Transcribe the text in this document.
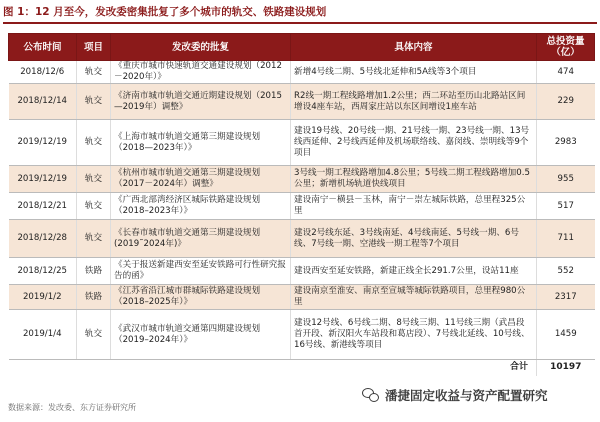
图 1：12 月至今，发改委密集批复了多个城市的轨交、铁路建设规划
公布时间	项目	发改委的批复	具体内容	总投资量（亿）
2018/12/6	轨交	《重庆市城市快速轨道交通建设规划（2012－2020年）》	新增4号线二期、5号线北延伸和5A线等3个项目	474
2018/12/14	轨交	《济南市城市轨道交通近期建设规划（2015—2019年）调整》	R2线一期工程线路增加1.2公里；西二环站至历山北路站区间增设4座车站，西周家庄站以东区间增设1座车站	229
2019/12/19	轨交	《上海市城市轨道交通第三期建设规划（2018—2023年）》	建设19号线、20号线一期、21号线一期、23号线一期、13号线西延伸、2号线西延伸及机场联络线、嘉闵线、崇明线等9个项目	2983
2019/12/19	轨交	《杭州市城市轨道交通第三期建设规划（2017－2024年）调整》	3号线一期工程线路增加4.8公里；5号线二期工程线路增加0.5公里；新增机场轨道快线项目	955
2018/12/21	轨交	《广西北部湾经济区城际铁路建设规划（2018–2023年）》	建设南宁－横县－玉林，南宁－崇左城际铁路，总里程325公里	517
2018/12/28	轨交	《长春市城市轨道交通第三期建设规划(2019˜2024年)》	建设2号线东延、3号线南延、4号线南延、5号线一期、6号线、7号线一期、空港线一期工程等7个项目	711
2018/12/25	铁路	《关于报送新建西安至延安铁路可行性研究报告的函》	建设西安至延安铁路，新建正线全长291.7公里，设站11座	552
2019/1/2	铁路	《江苏省沿江城市群城际铁路建设规划（2018–2025年）》	建设南京至淮安、南京至宣城等城际铁路项目，总里程980公里	2317
2019/1/4	轨交	《武汉市城市轨道交通第四期建设规划（2019–2024年）》	建设12号线、6号线二期、8号线三期、11号线三期（武昌段首开段、新汉阳火车站段和葛店段）、7号线北延线、10号线、16号线、新港线等项目	1459
合计				10197
数据来源：发改委、东方证券研究所
潘捷固定收益与资产配置研究
